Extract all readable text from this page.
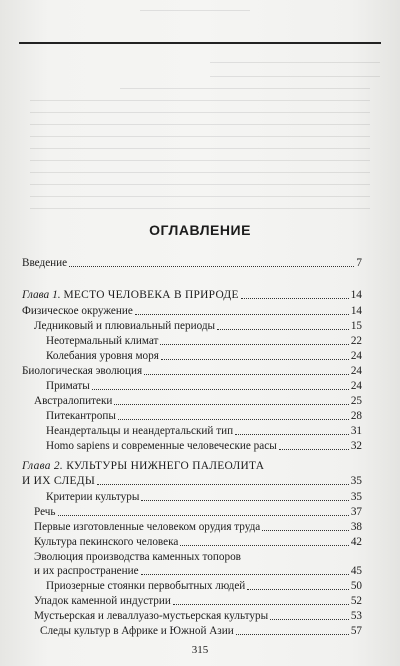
ОГЛАВЛЕНИЕ
Введение	7
Глава 1. МЕСТО ЧЕЛОВЕКА В ПРИРОДЕ	14
Физическое окружение	14
Ледниковый и плювиальный периоды	15
Неотермальный климат	22
Колебания уровня моря	24
Биологическая эволюция	24
Приматы	24
Австралопитеки	25
Питекантропы	28
Неандертальцы и неандертальский тип	31
Homo sapiens и современные человеческие расы	32
Глава 2. КУЛЬТУРЫ НИЖНЕГО ПАЛЕОЛИТА
И ИХ СЛЕДЫ	35
Критерии культуры	35
Речь	37
Первые изготовленные человеком орудия труда	38
Культура пекинского человека	42
Эволюция производства каменных топоров
и их распространение	45
Приозерные стоянки первобытных людей	50
Упадок каменной индустрии	52
Мустьерская и леваллуазо-мустьерская культуры	53
Следы культур в Африке и Южной Азии	57
315
